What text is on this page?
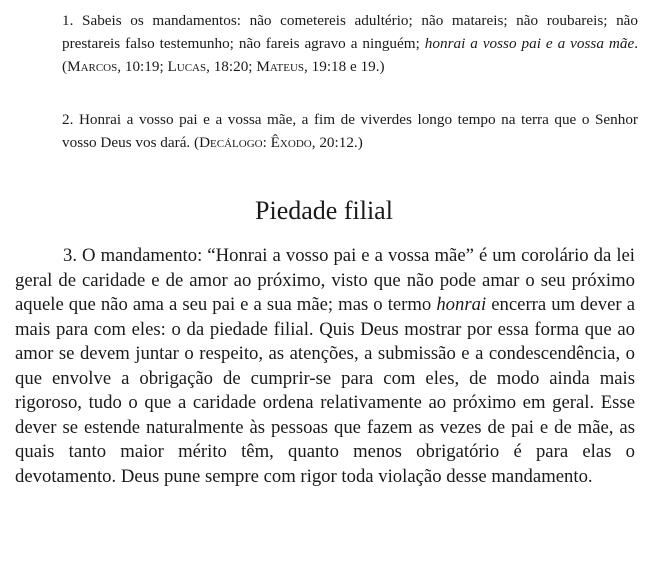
1. Sabeis os mandamentos: não cometereis adultério; não matareis; não roubareis; não prestareis falso testemunho; não fareis agravo a ninguém; honrai a vosso pai e a vossa mãe. (Marcos, 10:19; Lucas, 18:20; Mateus, 19:18 e 19.)

2. Honrai a vosso pai e a vossa mãe, a fim de viverdes longo tempo na terra que o Senhor vosso Deus vos dará. (Decálogo: Êxodo, 20:12.)

Piedade filial

3. O mandamento: “Honrai a vosso pai e a vossa mãe” é um corolário da lei geral de caridade e de amor ao próximo, visto que não pode amar o seu próximo aquele que não ama a seu pai e a sua mãe; mas o termo honrai encerra um dever a mais para com eles: o da piedade filial. Quis Deus mostrar por essa forma que ao amor se devem juntar o respeito, as atenções, a submissão e a condescendência, o que envolve a obrigação de cumprir-se para com eles, de modo ainda mais rigoroso, tudo o que a caridade ordena relativamente ao próximo em geral. Esse dever se estende naturalmente às pessoas que fazem as vezes de pai e de mãe, as quais tanto maior mérito têm, quanto menos obrigatório é para elas o devotamento. Deus pune sempre com rigor toda violação desse mandamento.
